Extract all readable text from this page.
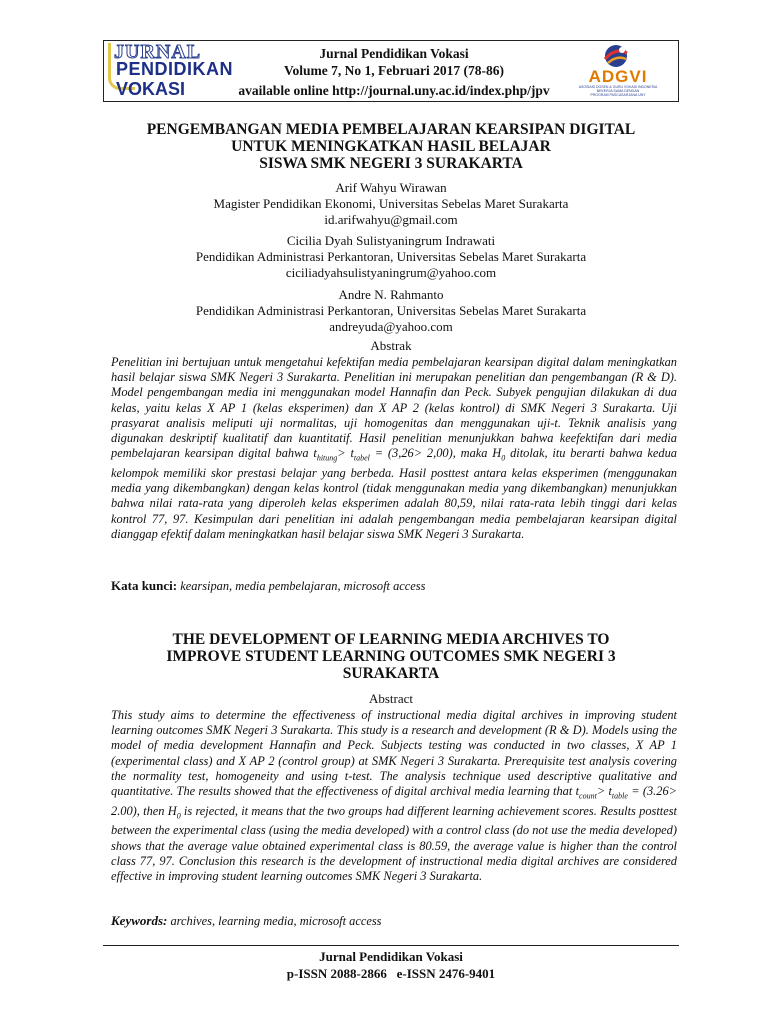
JURNAL
PENDIDIKAN
VOKASI
Jurnal Pendidikan Vokasi
Volume 7, No 1, Februari 2017 (78-86)
available online http://journal.uny.ac.id/index.php/jpv
ADGVI
ASOSIASI DOSEN & GURU VOKASI INDONESIA
BEKERJA SAMA DENGAN
PROGRAM PASCASARJANA UNY
PENGEMBANGAN MEDIA PEMBELAJARAN KEARSIPAN DIGITAL
UNTUK MENINGKATKAN HASIL BELAJAR
SISWA SMK NEGERI 3 SURAKARTA
Arif Wahyu Wirawan
Magister Pendidikan Ekonomi, Universitas Sebelas Maret Surakarta
id.arifwahyu@gmail.com
Cicilia Dyah Sulistyaningrum Indrawati
Pendidikan Administrasi Perkantoran, Universitas Sebelas Maret Surakarta
ciciliadyahsulistyaningrum@yahoo.com
Andre N. Rahmanto
Pendidikan Administrasi Perkantoran, Universitas Sebelas Maret Surakarta
andreyuda@yahoo.com
Abstrak

Penelitian ini bertujuan untuk mengetahui kefektifan media pembelajaran kearsipan digital dalam meningkatkan hasil belajar siswa SMK Negeri 3 Surakarta. Penelitian ini merupakan penelitian dan pengembangan (R & D). Model pengembangan media ini menggunakan model Hannafin dan Peck. Subyek pengujian dilakukan di dua kelas, yaitu kelas X AP 1 (kelas eksperimen) dan X AP 2 (kelas kontrol) di SMK Negeri 3 Surakarta. Uji prasyarat analisis meliputi uji normalitas, uji homogenitas dan menggunakan uji-t. Teknik analisis yang digunakan deskriptif kualitatif dan kuantitatif. Hasil penelitian menunjukkan bahwa keefektifan dari media pembelajaran kearsipan digital bahwa $t_{hitung}> t_{tabel} = (3,26> 2,00)$, maka $H_0$ ditolak, itu berarti bahwa kedua kelompok memiliki skor prestasi belajar yang berbeda. Hasil posttest antara kelas eksperimen (menggunakan media yang dikembangkan) dengan kelas kontrol (tidak menggunakan media yang dikembangkan) menunjukkan bahwa nilai rata-rata yang diperoleh kelas eksperimen adalah 80,59, nilai rata-rata lebih tinggi dari kelas kontrol 77, 97. Kesimpulan dari penelitian ini adalah pengembangan media pembelajaran kearsipan digital dianggap efektif dalam meningkatkan hasil belajar siswa SMK Negeri 3 Surakarta.

Kata kunci: kearsipan, media pembelajaran, microsoft access
THE DEVELOPMENT OF LEARNING MEDIA ARCHIVES TO
IMPROVE STUDENT LEARNING OUTCOMES SMK NEGERI 3
SURAKARTA
Abstract

This study aims to determine the effectiveness of instructional media digital archives in improving student learning outcomes SMK Negeri 3 Surakarta. This study is a research and development (R & D). Models using the model of media development Hannafin and Peck. Subjects testing was conducted in two classes, X AP 1 (experimental class) and X AP 2 (control group) at SMK Negeri 3 Surakarta. Prerequisite test analysis covering the normality test, homogeneity and using t-test. The analysis technique used descriptive qualitative and quantitative. The results showed that the effectiveness of digital archival media learning that $t_{count}> t_{table} = (3.26> 2.00)$, then $H_0$ is rejected, it means that the two groups had different learning achievement scores. Results posttest between the experimental class (using the media developed) with a control class (do not use the media developed) shows that the average value obtained experimental class is 80.59, the average value is higher than the control class 77, 97. Conclusion this research is the development of instructional media digital archives are considered effective in improving student learning outcomes SMK Negeri 3 Surakarta.

Keywords: archives, learning media, microsoft access
Jurnal Pendidikan Vokasi
p-ISSN 2088-2866   e-ISSN 2476-9401
